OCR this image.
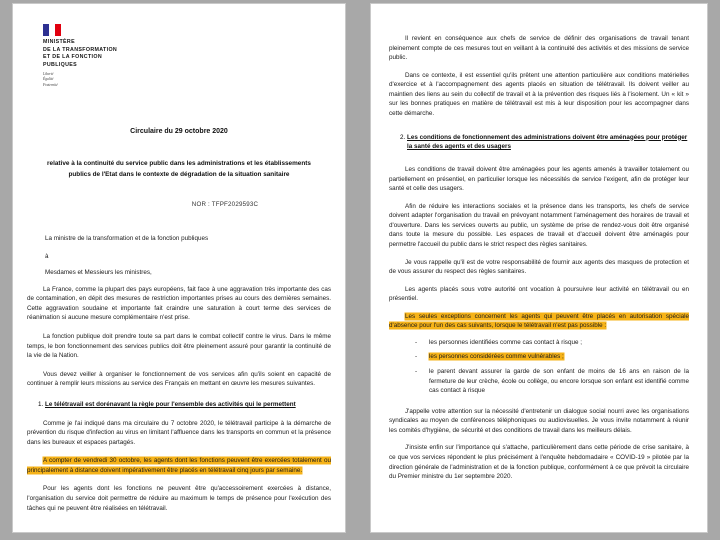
MINISTÈRE
DE LA TRANSFORMATION
ET DE LA FONCTION
PUBLIQUES
Liberté
Égalité
Fraternité
Circulaire du 29 octobre 2020
relative à la continuité du service public dans les administrations et les établissements publics de l'Etat dans le contexte de dégradation de la situation sanitaire
NOR : TFPF2029593C
La ministre de la transformation et de la fonction publiques
à
Mesdames et Messieurs les ministres,

La France, comme la plupart des pays européens, fait face à une aggravation très importante des cas de contamination, en dépit des mesures de restriction importantes prises au cours des dernières semaines. Cette aggravation soudaine et importante fait craindre une saturation à court terme des services de réanimation si aucune mesure complémentaire n'est prise.

La fonction publique doit prendre toute sa part dans le combat collectif contre le virus. Dans le même temps, le bon fonctionnement des services publics doit être pleinement assuré pour garantir la continuité de la vie de la Nation.

Vous devez veiller à organiser le fonctionnement de vos services afin qu'ils soient en capacité de continuer à remplir leurs missions au service des Français en mettant en œuvre les mesures suivantes.

1. Le télétravail est dorénavant la règle pour l'ensemble des activités qui le permettent

Comme je l'ai indiqué dans ma circulaire du 7 octobre 2020, le télétravail participe à la démarche de prévention du risque d'infection au virus en limitant l'affluence dans les transports en commun et la présence dans les bureaux et espaces partagés.

A compter de vendredi 30 octobre, les agents dont les fonctions peuvent être exercées totalement ou principalement à distance doivent impérativement être placés en télétravail cinq jours par semaine.

Pour les agents dont les fonctions ne peuvent être qu'accessoirement exercées à distance, l'organisation du service doit permettre de réduire au maximum le temps de présence pour l'exécution des tâches qui ne peuvent être réalisées en télétravail.

Il revient en conséquence aux chefs de service de définir des organisations de travail tenant pleinement compte de ces mesures tout en veillant à la continuité des activités et des missions de service public.

Dans ce contexte, il est essentiel qu'ils prêtent une attention particulière aux conditions matérielles d'exercice et à l'accompagnement des agents placés en situation de télétravail. Ils doivent veiller au maintien des liens au sein du collectif de travail et à la prévention des risques liés à l'isolement. Un « kit » sur les bonnes pratiques en matière de télétravail est mis à leur disposition pour les accompagner dans cette démarche.

2. Les conditions de fonctionnement des administrations doivent être aménagées pour protéger la santé des agents et des usagers

Les conditions de travail doivent être aménagées pour les agents amenés à travailler totalement ou partiellement en présentiel, en particulier lorsque les nécessités de service l'exigent, afin de protéger leur santé et celle des usagers.

Afin de réduire les interactions sociales et la présence dans les transports, les chefs de service doivent adapter l'organisation du travail en prévoyant notamment l'aménagement des horaires de travail et d'ouverture. Dans les services ouverts au public, un système de prise de rendez-vous doit être organisé dans toute la mesure du possible. Les espaces de travail et d'accueil doivent être aménagés pour permettre l'accueil du public dans le strict respect des règles sanitaires.

Je vous rappelle qu'il est de votre responsabilité de fournir aux agents des masques de protection et de vous assurer du respect des règles sanitaires.

Les agents placés sous votre autorité ont vocation à poursuivre leur activité en télétravail ou en présentiel.

Les seules exceptions concernent les agents qui peuvent être placés en autorisation spéciale d'absence pour l'un des cas suivants, lorsque le télétravail n'est pas possible :

- les personnes identifiées comme cas contact à risque ;
- les personnes considérées comme vulnérables ;
- le parent devant assurer la garde de son enfant de moins de 16 ans en raison de la fermeture de leur crèche, école ou collège, ou encore lorsque son enfant est identifié comme cas contact à risque

J'appelle votre attention sur la nécessité d'entretenir un dialogue social nourri avec les organisations syndicales au moyen de conférences téléphoniques ou audiovisuelles. Je vous invite notamment à réunir les comités d'hygiène, de sécurité et des conditions de travail dans les meilleurs délais.

J'insiste enfin sur l'importance qui s'attache, particulièrement dans cette période de crise sanitaire, à ce que vos services répondent le plus précisément à l'enquête hebdomadaire « COVID-19 » pilotée par la direction générale de l'administration et de la fonction publique, conformément à ce que prévoit la circulaire du Premier ministre du 1er septembre 2020.
